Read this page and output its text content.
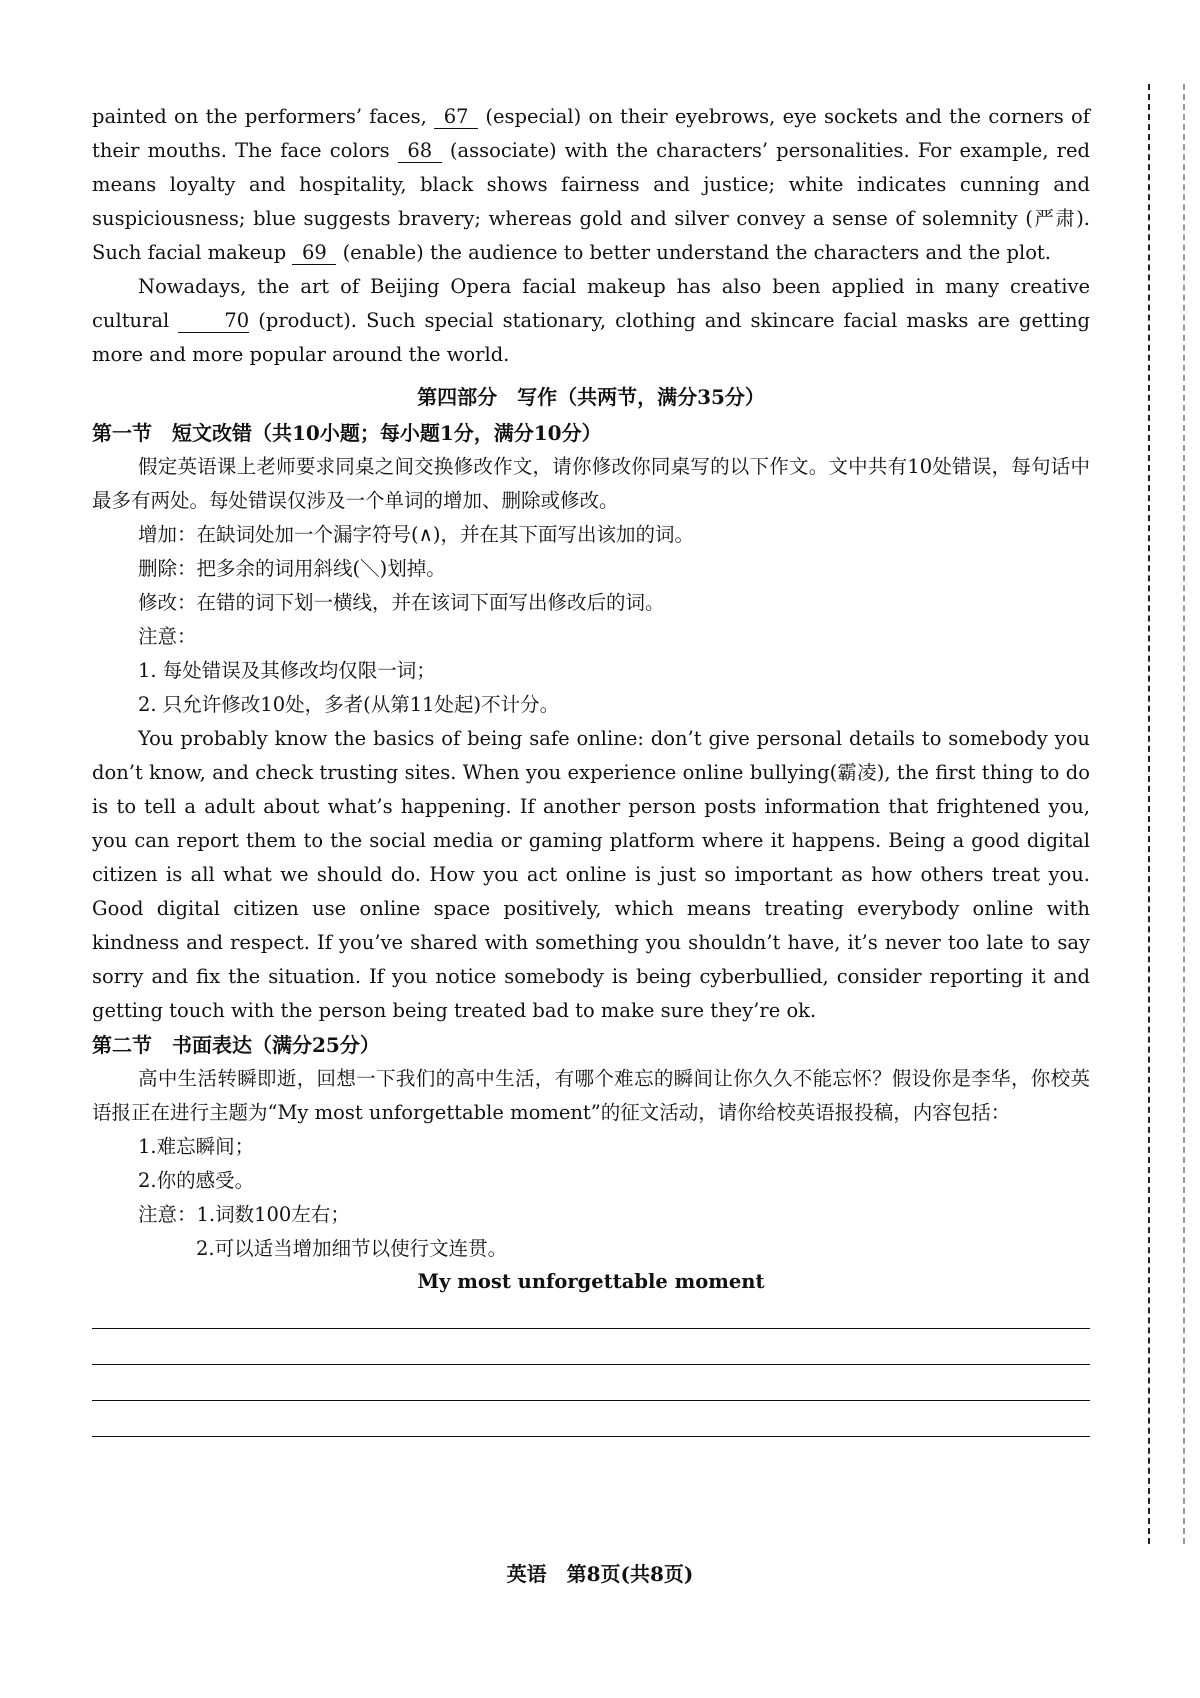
painted on the performers’ faces, 67 (especial) on their eyebrows, eye sockets and the corners of their mouths. The face colors 68 (associate) with the characters’ personalities. For example, red means loyalty and hospitality, black shows fairness and justice; white indicates cunning and suspiciousness; blue suggests bravery; whereas gold and silver convey a sense of solemnity (严肃). Such facial makeup 69 (enable) the audience to better understand the characters and the plot.

Nowadays, the art of Beijing Opera facial makeup has also been applied in many creative cultural 70 (product). Such special stationary, clothing and skincare facial masks are getting more and more popular around the world.

第四部分　写作（共两节，满分35分）

第一节　短文改错（共10小题；每小题1分，满分10分）

假定英语课上老师要求同桌之间交换修改作文，请你修改你同桌写的以下作文。文中共有10处错误，每句话中最多有两处。每处错误仅涉及一个单词的增加、删除或修改。

增加：在缺词处加一个漏字符号(∧)，并在其下面写出该加的词。

删除：把多余的词用斜线(＼)划掉。

修改：在错的词下划一横线，并在该词下面写出修改后的词。

注意：

1. 每处错误及其修改均仅限一词；

2. 只允许修改10处，多者(从第11处起)不计分。

You probably know the basics of being safe online: don’t give personal details to somebody you don’t know, and check trusting sites. When you experience online bullying(霸凌), the first thing to do is to tell a adult about what’s happening. If another person posts information that frightened you, you can report them to the social media or gaming platform where it happens. Being a good digital citizen is all what we should do. How you act online is just so important as how others treat you. Good digital citizen use online space positively, which means treating everybody online with kindness and respect. If you’ve shared with something you shouldn’t have, it’s never too late to say sorry and fix the situation. If you notice somebody is being cyberbullied, consider reporting it and getting touch with the person being treated bad to make sure they’re ok.

第二节　书面表达（满分25分）

高中生活转瞬即逝，回想一下我们的高中生活，有哪个难忘的瞬间让你久久不能忘怀？假设你是李华，你校英语报正在进行主题为“My most unforgettable moment”的征文活动，请你给校英语报投稿，内容包括：

1.难忘瞬间；

2.你的感受。

注意：1.词数100左右；

2.可以适当增加细节以使行文连贯。

My most unforgettable moment

英语　第8页(共8页)
